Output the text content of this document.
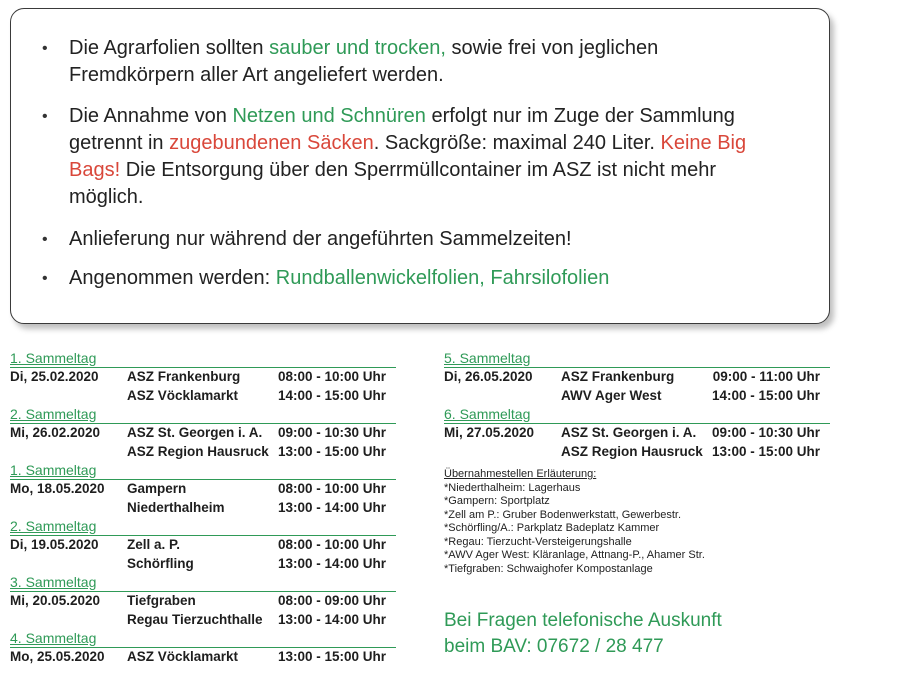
• Die Agrarfolien sollten sauber und trocken, sowie frei von jeglichen
Fremdkörpern aller Art angeliefert werden.
• Die Annahme von Netzen und Schnüren erfolgt nur im Zuge der Sammlung
getrennt in zugebundenen Säcken. Sackgröße: maximal 240 Liter. Keine Big
Bags! Die Entsorgung über den Sperrmüllcontainer im ASZ ist nicht mehr
möglich.
• Anlieferung nur während der angeführten Sammelzeiten!
• Angenommen werden: Rundballenwickelfolien, Fahrsilofolien
1. Sammeltag
Di, 25.02.2020 ASZ Frankenburg	08:00 - 10:00 Uhr
ASZ Vöcklamarkt	14:00 - 15:00 Uhr
2. Sammeltag
Mi, 26.02.2020 ASZ St. Georgen i. A. 09:00 - 10:30 Uhr
ASZ Region Hausruck 13:00 - 15:00 Uhr
1. Sammeltag
Mo, 18.05.2020 Gampern	08:00 - 10:00 Uhr
Niederthalheim	13:00 - 14:00 Uhr
2. Sammeltag
Di, 19.05.2020 Zell a. P.	08:00 - 10:00 Uhr
Schörfling	13:00 - 14:00 Uhr
3. Sammeltag
Mi, 20.05.2020 Tiefgraben	08:00 - 09:00 Uhr
Regau Tierzuchthalle 13:00 - 14:00 Uhr
4. Sammeltag
Mo, 25.05.2020 ASZ Vöcklamarkt	13:00 - 15:00 Uhr
5. Sammeltag
Di, 26.05.2020 ASZ Frankenburg	09:00 - 11:00 Uhr
AWV Ager West	14:00 - 15:00 Uhr
6. Sammeltag
Mi, 27.05.2020 ASZ St. Georgen i. A. 09:00 - 10:30 Uhr
ASZ Region Hausruck 13:00 - 15:00 Uhr
Übernahmestellen Erläuterung:
*Niederthalheim: Lagerhaus
*Gampern: Sportplatz
*Zell am P.: Gruber Bodenwerkstatt, Gewerbestr.
*Schörfling/A.: Parkplatz Badeplatz Kammer
*Regau: Tierzucht-Versteigerungshalle
*AWV Ager West: Kläranlage, Attnang-P., Ahamer Str.
*Tiefgraben: Schwaighofer Kompostanlage
Bei Fragen telefonische Auskunft
beim BAV: 07672 / 28 477
